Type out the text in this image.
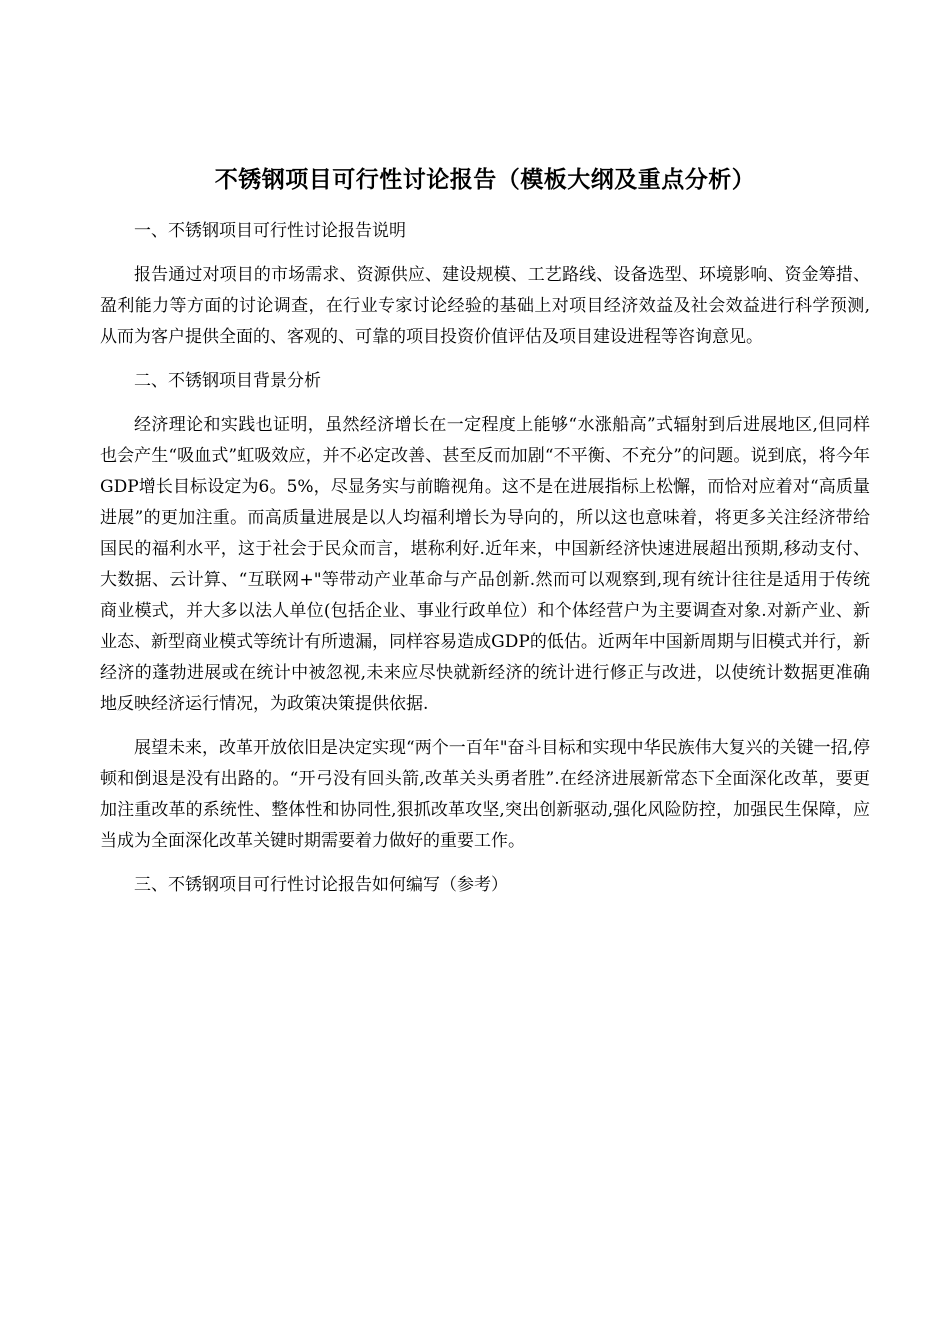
不锈钢项目可行性讨论报告（模板大纲及重点分析）

一、不锈钢项目可行性讨论报告说明

报告通过对项目的市场需求、资源供应、建设规模、工艺路线、设备选型、环境影响、资金筹措、盈利能力等方面的讨论调查，在行业专家讨论经验的基础上对项目经济效益及社会效益进行科学预测,从而为客户提供全面的、客观的、可靠的项目投资价值评估及项目建设进程等咨询意见。

二、不锈钢项目背景分析

经济理论和实践也证明，虽然经济增长在一定程度上能够“水涨船高”式辐射到后进展地区,但同样也会产生“吸血式”虹吸效应，并不必定改善、甚至反而加剧“不平衡、不充分”的问题。说到底，将今年GDP增长目标设定为6。5%，尽显务实与前瞻视角。这不是在进展指标上松懈，而恰对应着对“高质量进展”的更加注重。而高质量进展是以人均福利增长为导向的，所以这也意味着，将更多关注经济带给国民的福利水平，这于社会于民众而言，堪称利好.近年来，中国新经济快速进展超出预期,移动支付、大数据、云计算、“互联网+"等带动产业革命与产品创新.然而可以观察到,现有统计往往是适用于传统商业模式，并大多以法人单位(包括企业、事业行政单位）和个体经营户为主要调查对象.对新产业、新业态、新型商业模式等统计有所遗漏，同样容易造成GDP的低估。近两年中国新周期与旧模式并行，新经济的蓬勃进展或在统计中被忽视,未来应尽快就新经济的统计进行修正与改进，以使统计数据更准确地反映经济运行情况，为政策决策提供依据.

展望未来，改革开放依旧是决定实现“两个一百年"奋斗目标和实现中华民族伟大复兴的关键一招,停顿和倒退是没有出路的。“开弓没有回头箭,改革关头勇者胜”.在经济进展新常态下全面深化改革，要更加注重改革的系统性、整体性和协同性,狠抓改革攻坚,突出创新驱动,强化风险防控，加强民生保障，应当成为全面深化改革关键时期需要着力做好的重要工作。

三、不锈钢项目可行性讨论报告如何编写（参考）
